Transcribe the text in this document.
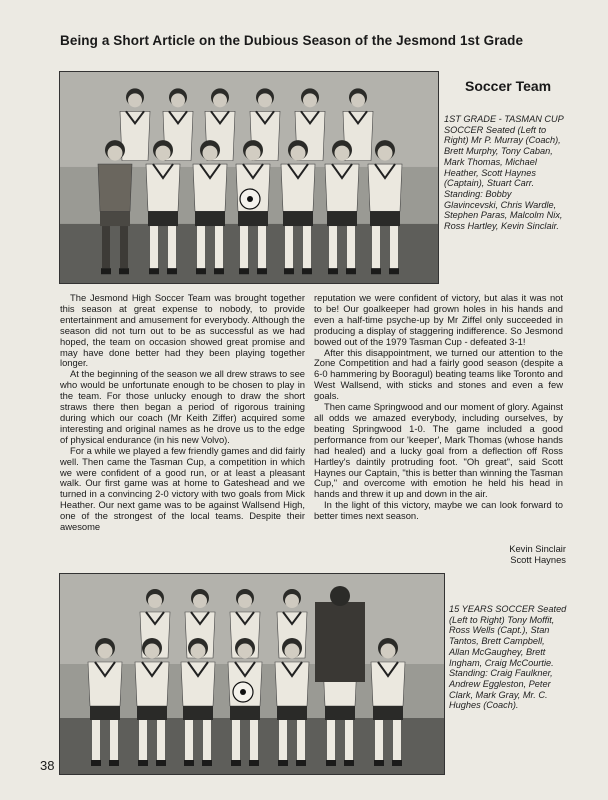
Being a Short Article on the Dubious Season of the Jesmond 1st Grade
Soccer Team
1ST GRADE - TASMAN CUP SOCCER Seated (Left to Right) Mr P. Murray (Coach), Brett Murphy, Tony Caban, Mark Thomas, Michael Heather, Scott Haynes (Captain), Stuart Carr. Standing: Bobby Glavincevski, Chris Wardle, Stephen Paras, Malcolm Nix, Ross Hartley, Kevin Sinclair.

The Jesmond High Soccer Team was brought together this season at great expense to nobody, to provide entertainment and amusement for everybody. Although the season did not turn out to be as successful as we had hoped, the team on occasion showed great promise and may have done better had they been playing together longer.

At the beginning of the season we all drew straws to see who would be unfortunate enough to be chosen to play in the team. For those unlucky enough to draw the short straws there then began a period of rigorous training during which our coach (Mr Keith Ziffer) acquired some interesting and original names as he drove us to the edge of physical endurance (in his new Volvo).

For a while we played a few friendly games and did fairly well. Then came the Tasman Cup, a competition in which we were confident of a good run, or at least a pleasant walk. Our first game was at home to Gateshead and we turned in a convincing 2-0 victory with two goals from Mick Heather. Our next game was to be against Wallsend High, one of the strongest of the local teams. Despite their awesome

reputation we were confident of victory, but alas it was not to be! Our goalkeeper had grown holes in his hands and even a half-time psyche-up by Mr Ziffel only succeeded in producing a display of staggering indifference. So Jesmond bowed out of the 1979 Tasman Cup - defeated 3-1!

After this disappointment, we turned our attention to the Zone Competition and had a fairly good season (despite a 6-0 hammering by Booragul) beating teams like Toronto and West Wallsend, with sticks and stones and even a few goals.

Then came Springwood and our moment of glory. Against all odds we amazed everybody, including ourselves, by beating Springwood 1-0. The game included a good performance from our 'keeper', Mark Thomas (whose hands had healed) and a lucky goal from a deflection off Ross Hartley's daintily protruding foot. "Oh great", said Scott Haynes our Captain, "this is better than winning the Tasman Cup," and overcome with emotion he held his head in hands and threw it up and down in the air.

In the light of this victory, maybe we can look forward to better times next season.

Kevin Sinclair
Scott Haynes
15 YEARS SOCCER Seated (Left to Right) Tony Moffit, Ross Wells (Capt.), Stan Tantos, Brett Campbell, Allan McGaughey, Brett Ingham, Craig McCourtie. Standing: Craig Faulkner, Andrew Eggleston, Peter Clark, Mark Gray, Mr. C. Hughes (Coach).
38
